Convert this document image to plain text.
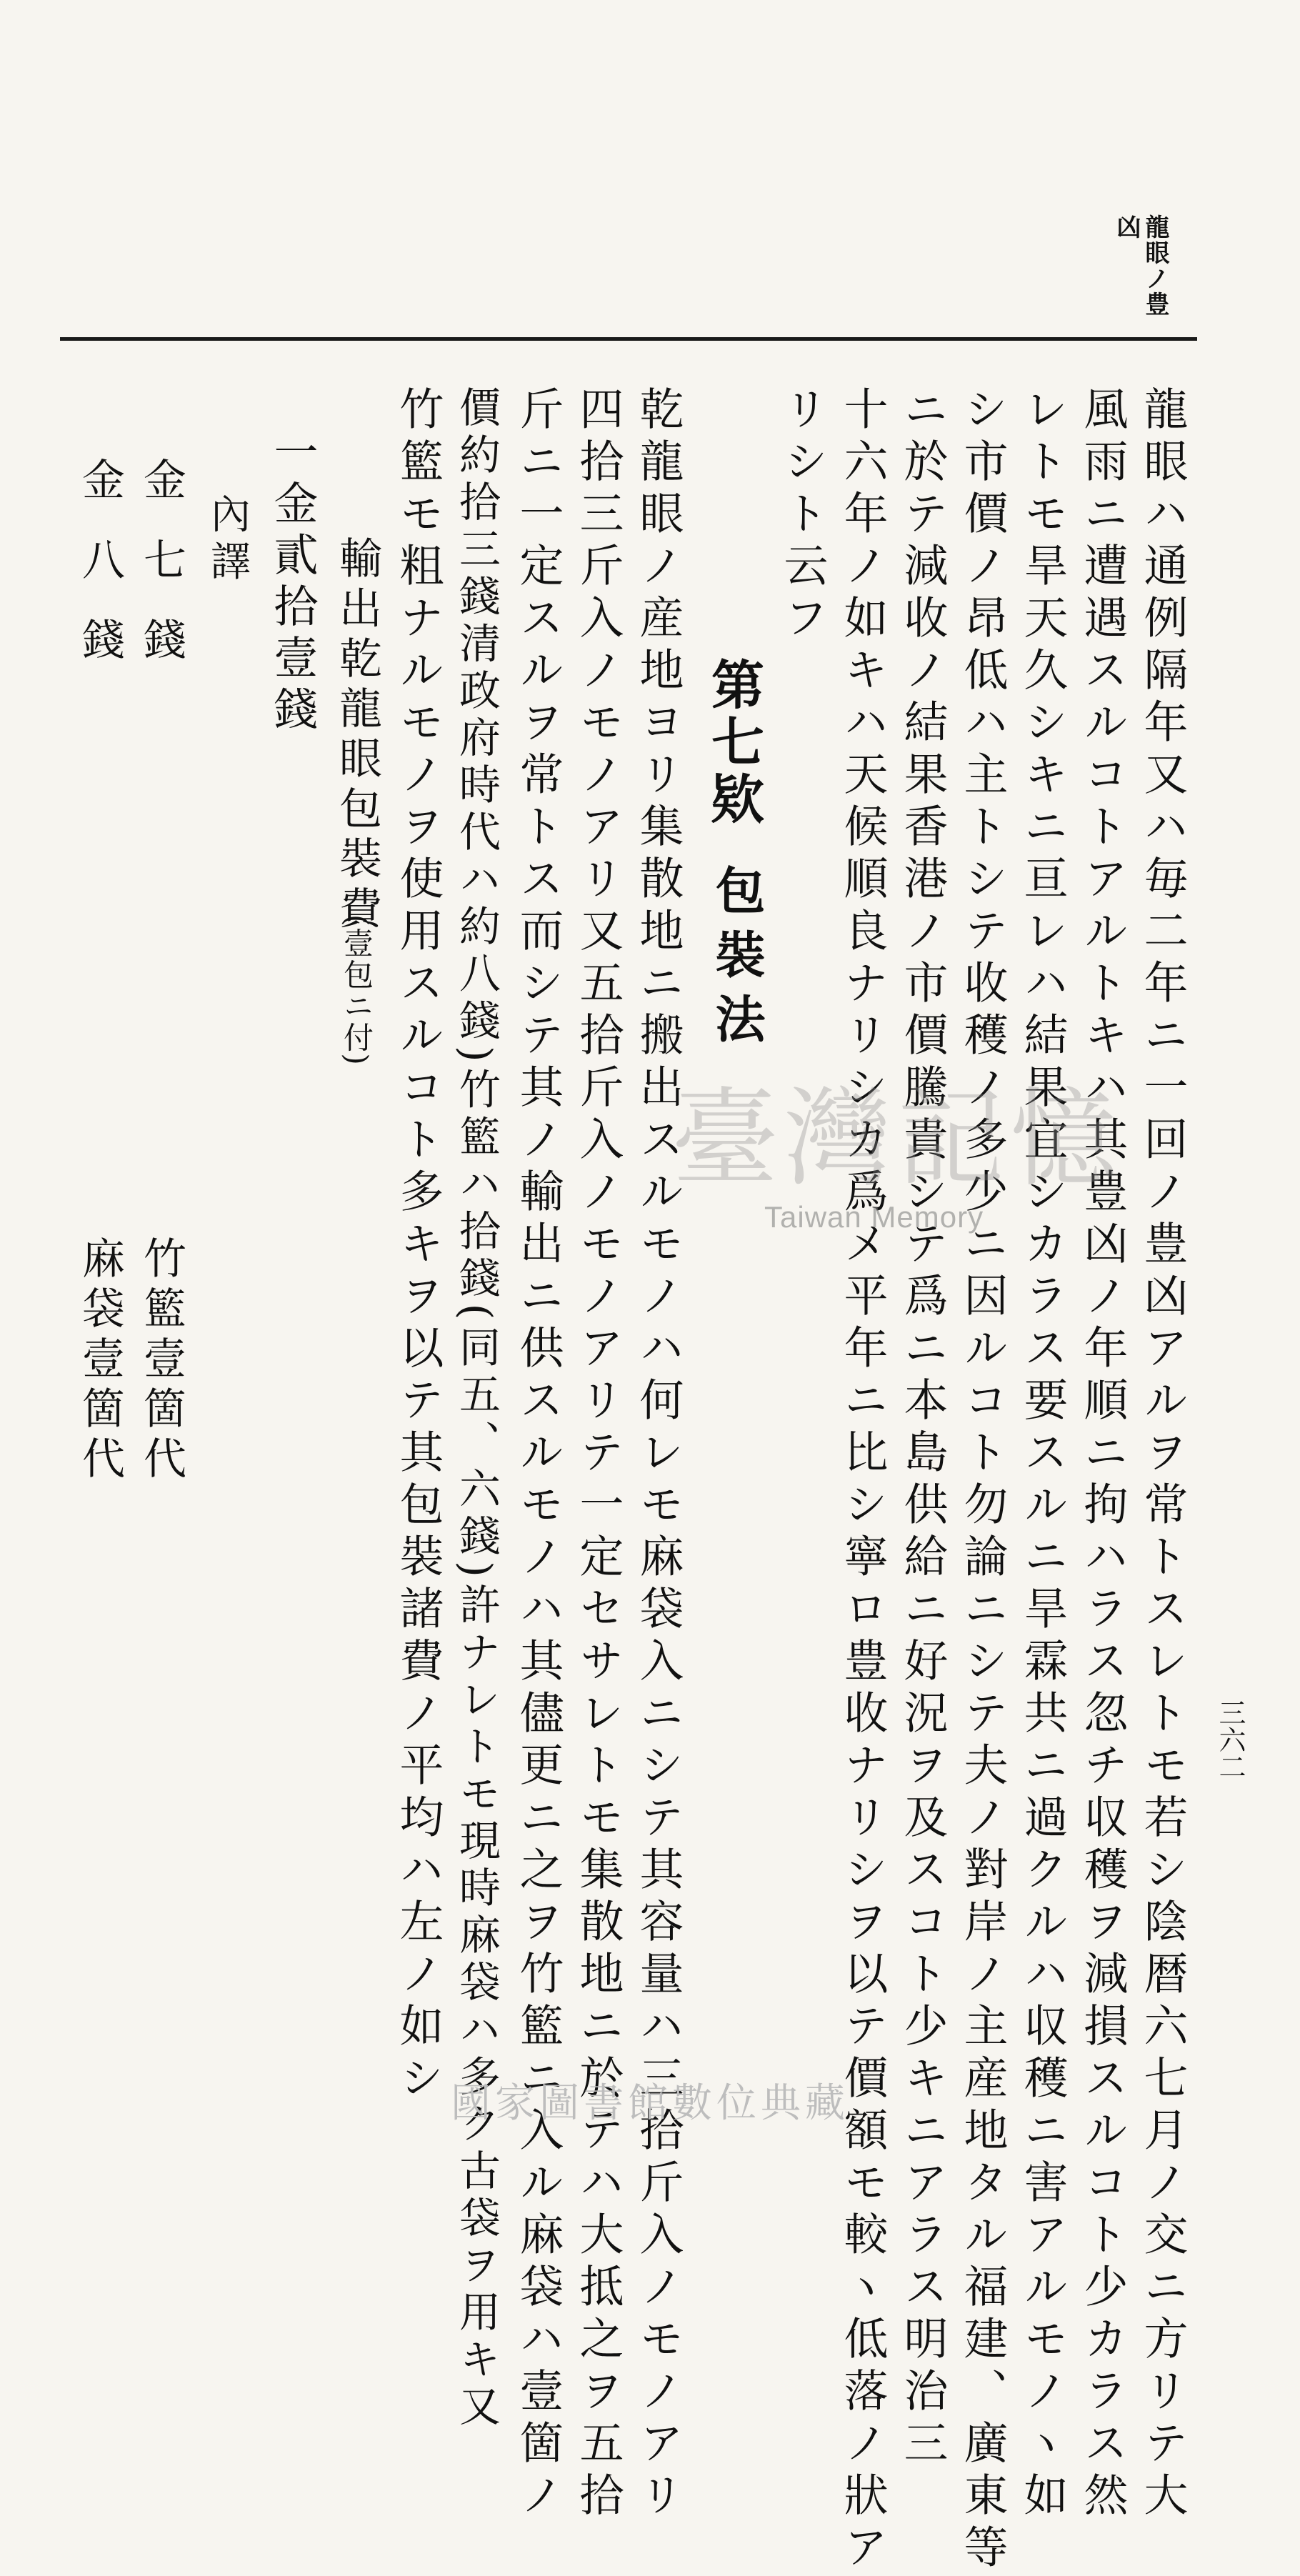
龍眼ノ豊
凶
龍眼ハ通例隔年又ハ毎二年ニ一回ノ豊凶アルヲ常トスレトモ若シ陰暦六七月ノ交ニ方リテ大
風雨ニ遭遇スルコトアルトキハ其豊凶ノ年順ニ拘ハラス忽チ収穫ヲ減損スルコト少カラス然
レトモ旱天久シキニ亘レハ結果宜シカラス要スルニ旱霖共ニ過クルハ収穫ニ害アルモノヽ如
シ市價ノ昂低ハ主トシテ收穫ノ多少ニ因ルコト勿論ニシテ夫ノ對岸ノ主産地タル福建、廣東等
ニ於テ減收ノ結果香港ノ市價騰貴シテ爲ニ本島供給ニ好況ヲ及スコト少キニアラス明治三
十六年ノ如キハ天候順良ナリシカ爲メ平年ニ比シ寧ロ豊收ナリシヲ以テ價額モ較ヽ低落ノ狀ア
リシト云フ
第七欵
包裝法
乾龍眼ノ産地ヨリ集散地ニ搬出スルモノハ何レモ麻袋入ニシテ其容量ハ三拾斤入ノモノアリ
四拾三斤入ノモノアリ又五拾斤入ノモノアリテ一定セサレトモ集散地ニ於テハ大抵之ヲ五拾
斤ニ一定スルヲ常トス而シテ其ノ輸出ニ供スルモノハ其儘更ニ之ヲ竹籃ニ入ル麻袋ハ壹箇ノ
價約拾三錢清政府時代ハ約八錢)竹籃ハ拾錢(同五、六錢)許ナレトモ現時麻袋ハ多ク古袋ヲ用キ又
竹籃モ粗ナルモノヲ使用スルコト多キヲ以テ其包裝諸費ノ平均ハ左ノ如シ
輸出乾龍眼包裝費
(壹包ニ付)
一金貳拾壹錢
內譯
金七錢
金八錢
竹籃壹箇代
麻袋壹箇代
三六二
臺灣記憶
Taiwan Memory
國家圖書館數位典藏
